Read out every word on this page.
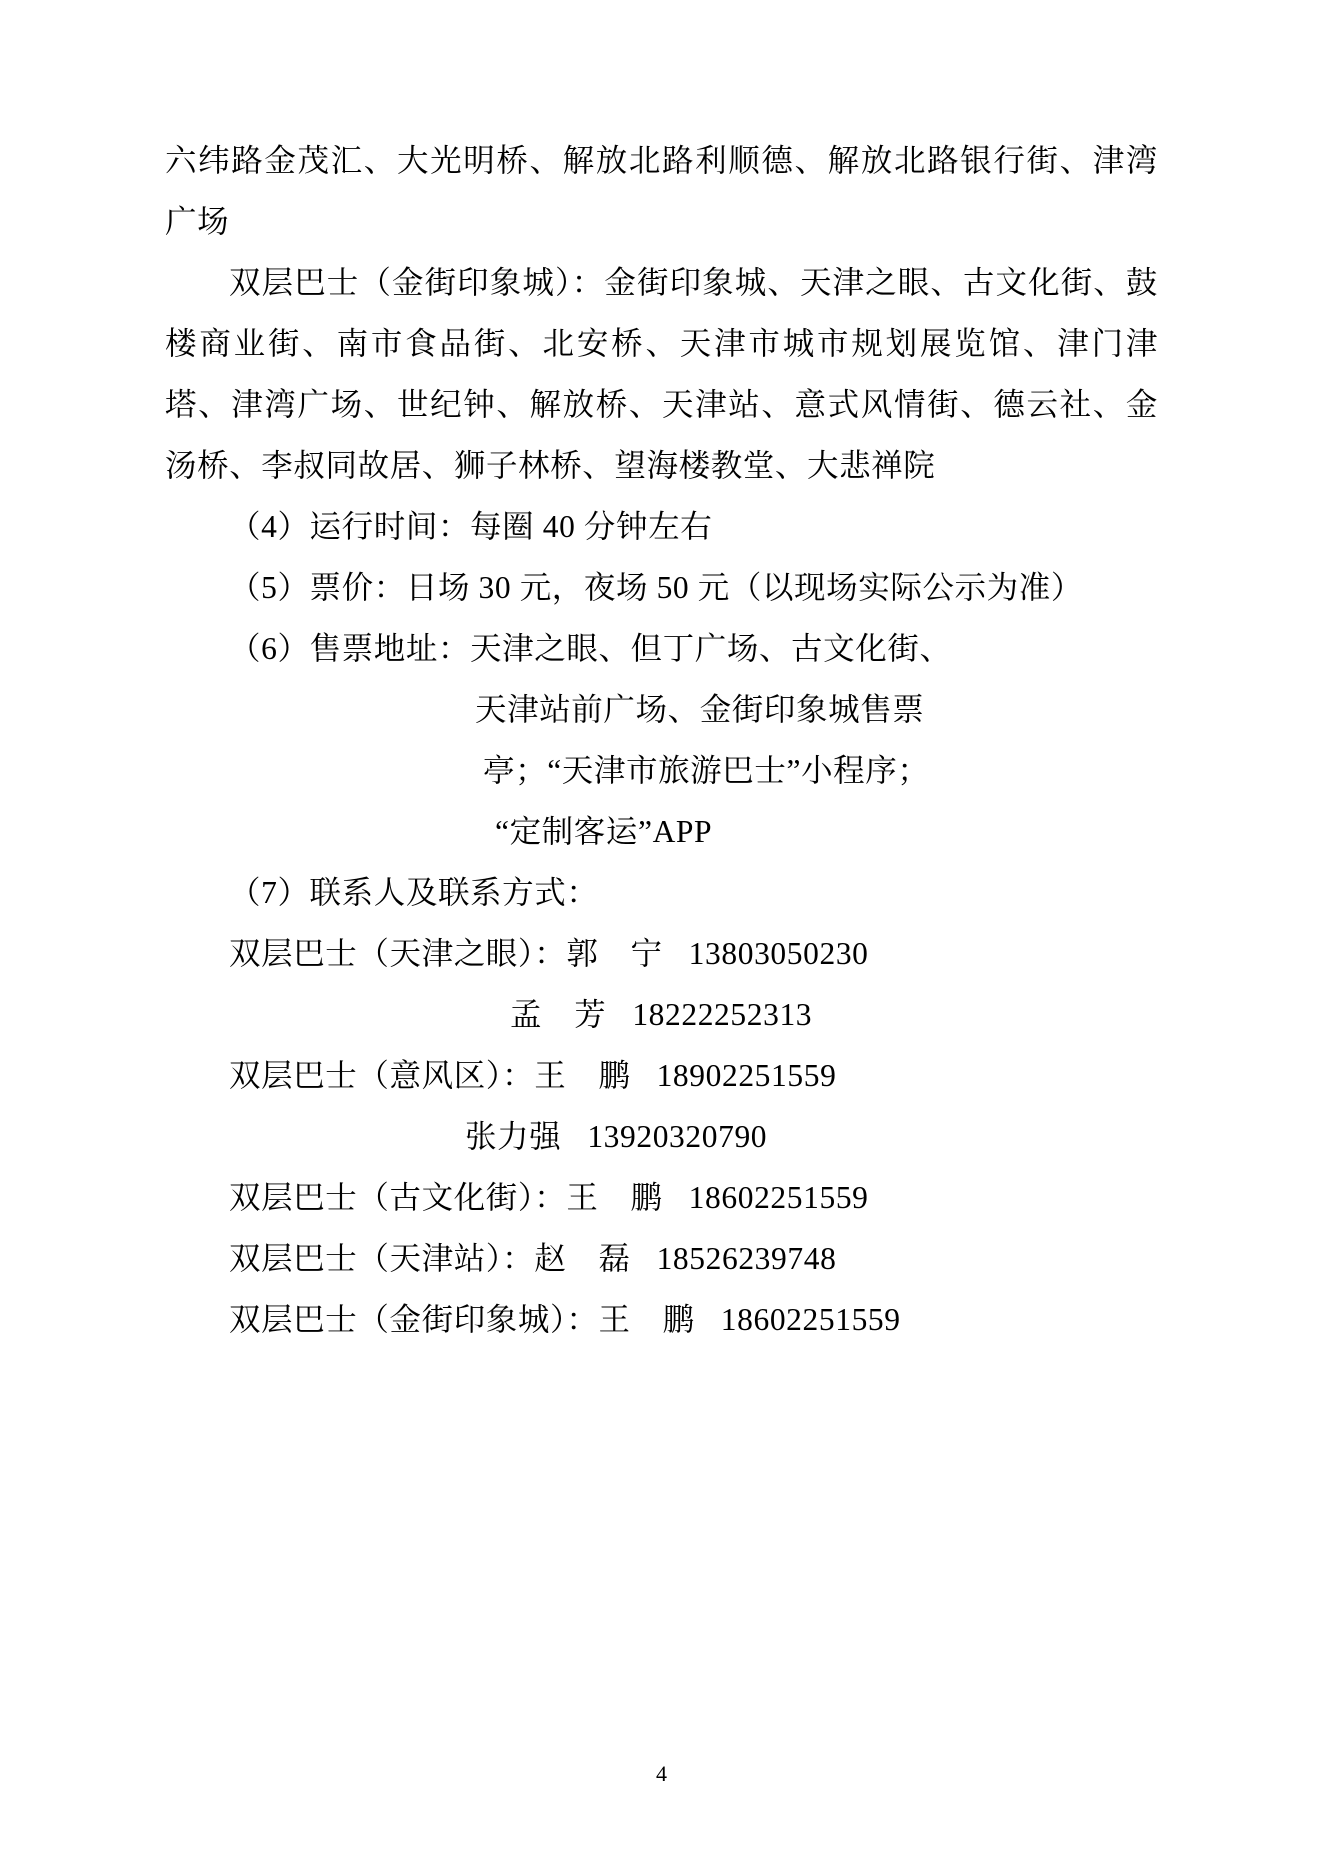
六纬路金茂汇、大光明桥、解放北路利顺德、解放北路银行街、津湾广场

双层巴士（金街印象城）：金街印象城、天津之眼、古文化街、鼓楼商业街、南市食品街、北安桥、天津市城市规划展览馆、津门津塔、津湾广场、世纪钟、解放桥、天津站、意式风情街、德云社、金汤桥、李叔同故居、狮子林桥、望海楼教堂、大悲禅院

（4）运行时间：每圈 40 分钟左右

（5）票价：日场 30 元，夜场 50 元（以现场实际公示为准）

（6）售票地址：天津之眼、但丁广场、古文化街、

天津站前广场、金街印象城售票

亭；“天津市旅游巴士”小程序；

“定制客运”APP

（7）联系人及联系方式：

双层巴士（天津之眼）：郭　宁 13803050230

孟　芳 18222252313

双层巴士（意风区）：王　鹏 18902251559

张力强 13920320790

双层巴士（古文化街）：王　鹏 18602251559

双层巴士（天津站）：赵　磊 18526239748

双层巴士（金街印象城）：王　鹏 18602251559

4
